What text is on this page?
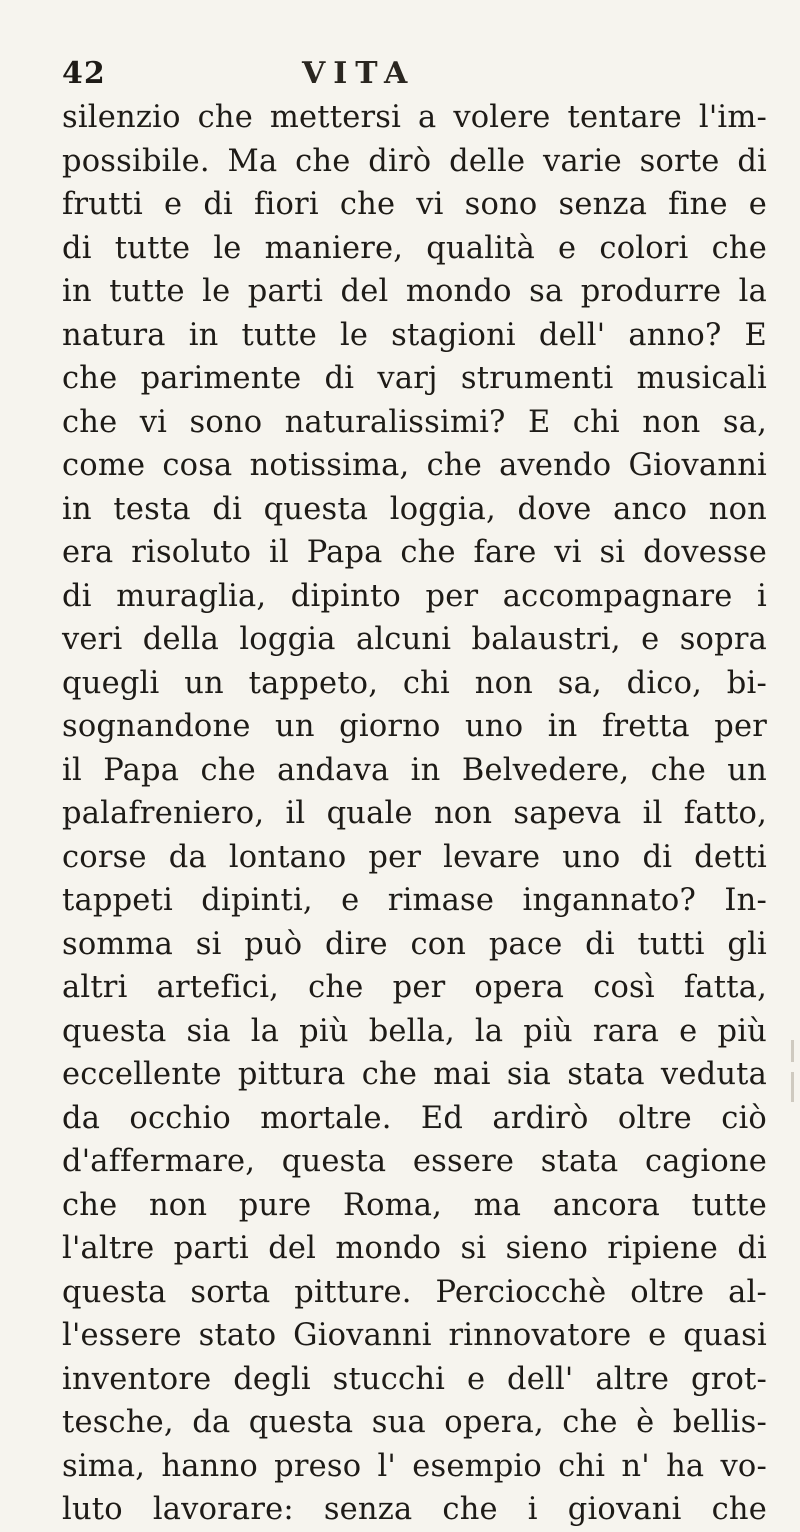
42	VITA
silenzio che mettersi a volere tentare l'im-
possibile. Ma che dirò delle varie sorte di
frutti e di fiori che vi sono senza fine e
di tutte le maniere, qualità e colori che
in tutte le parti del mondo sa produrre la
natura in tutte le stagioni dell' anno? E
che parimente di varj strumenti musicali
che vi sono naturalissimi? E chi non sa,
come cosa notissima, che avendo Giovanni
in testa di questa loggia, dove anco non
era risoluto il Papa che fare vi si dovesse
di muraglia, dipinto per accompagnare i
veri della loggia alcuni balaustri, e sopra
quegli un tappeto, chi non sa, dico, bi-
sognandone un giorno uno in fretta per
il Papa che andava in Belvedere, che un
palafreniero, il quale non sapeva il fatto,
corse da lontano per levare uno di detti
tappeti dipinti, e rimase ingannato? In-
somma si può dire con pace di tutti gli
altri artefici, che per opera così fatta,
questa sia la più bella, la più rara e più
eccellente pittura che mai sia stata veduta
da occhio mortale. Ed ardirò oltre ciò
d'affermare, questa essere stata cagione
che non pure Roma, ma ancora tutte
l'altre parti del mondo si sieno ripiene di
questa sorta pitture. Perciocchè oltre al-
l'essere stato Giovanni rinnovatore e quasi
inventore degli stucchi e dell' altre grot-
tesche, da questa sua opera, che è bellis-
sima, hanno preso l' esempio chi n' ha vo-
luto lavorare: senza che i giovani che
